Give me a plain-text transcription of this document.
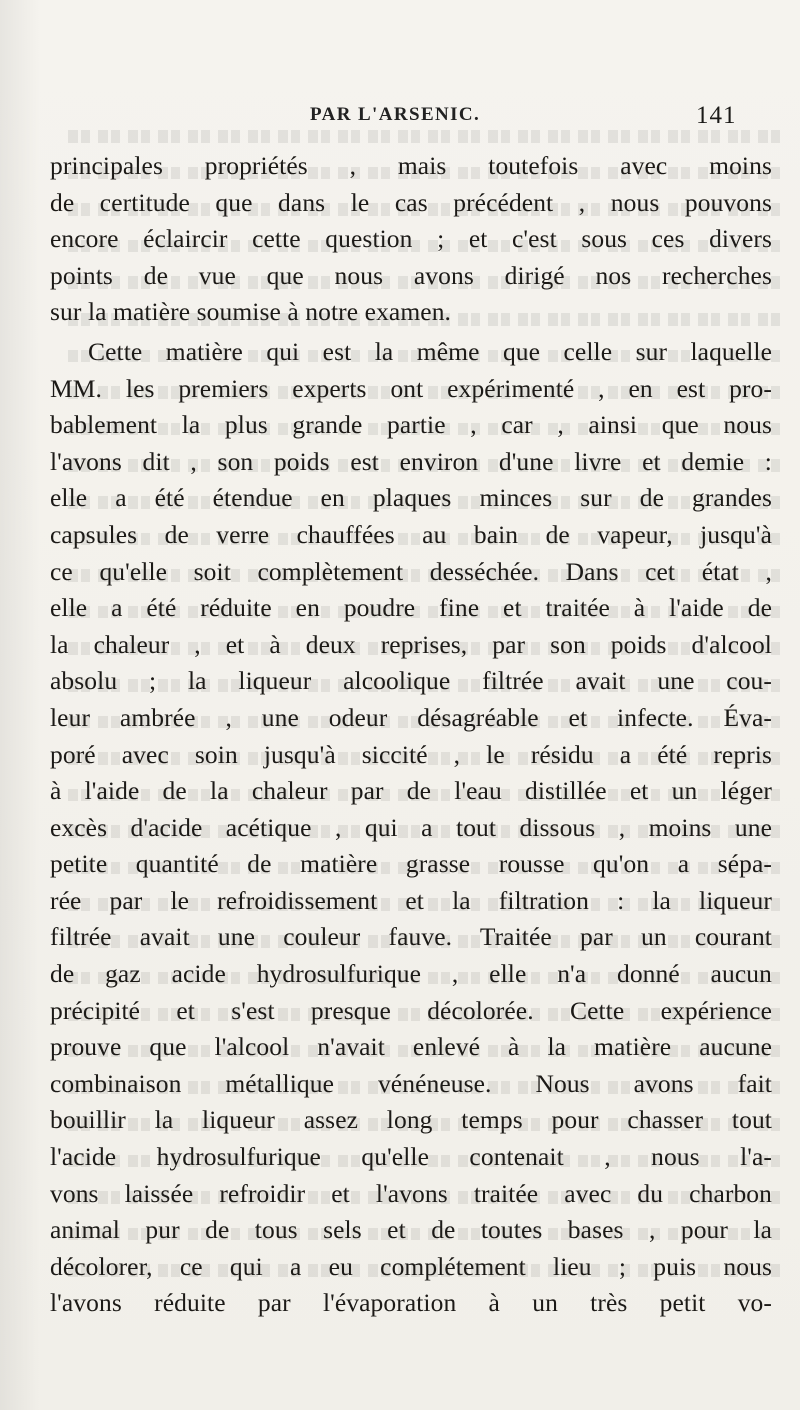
PAR L'ARSENIC.	141
principales propriétés , mais toutefois avec moins
de certitude que dans le cas précédent , nous pouvons
encore éclaircir cette question ; et c'est sous ces divers
points de vue que nous avons dirigé nos recherches
sur la matière soumise à notre examen.
Cette matière qui est la même que celle sur laquelle
MM. les premiers experts ont expérimenté , en est pro-
bablement la plus grande partie , car , ainsi que nous
l'avons dit , son poids est environ d'une livre et demie :
elle a été étendue en plaques minces sur de grandes
capsules de verre chauffées au bain de vapeur, jusqu'à
ce qu'elle soit complètement desséchée. Dans cet état ,
elle a été réduite en poudre fine et traitée à l'aide de
la chaleur , et à deux reprises, par son poids d'alcool
absolu ; la liqueur alcoolique filtrée avait une cou-
leur ambrée , une odeur désagréable et infecte. Éva-
poré avec soin jusqu'à siccité , le résidu a été repris
à l'aide de la chaleur par de l'eau distillée et un léger
excès d'acide acétique , qui a tout dissous , moins une
petite quantité de matière grasse rousse qu'on a sépa-
rée par le refroidissement et la filtration : la liqueur
filtrée avait une couleur fauve. Traitée par un courant
de gaz acide hydrosulfurique , elle n'a donné aucun
précipité et s'est presque décolorée. Cette expérience
prouve que l'alcool n'avait enlevé à la matière aucune
combinaison métallique vénéneuse. Nous avons fait
bouillir la liqueur assez long temps pour chasser tout
l'acide hydrosulfurique qu'elle contenait , nous l'a-
vons laissée refroidir et l'avons traitée avec du charbon
animal pur de tous sels et de toutes bases , pour la
décolorer, ce qui a eu complétement lieu ; puis nous
l'avons réduite par l'évaporation à un très petit vo-
